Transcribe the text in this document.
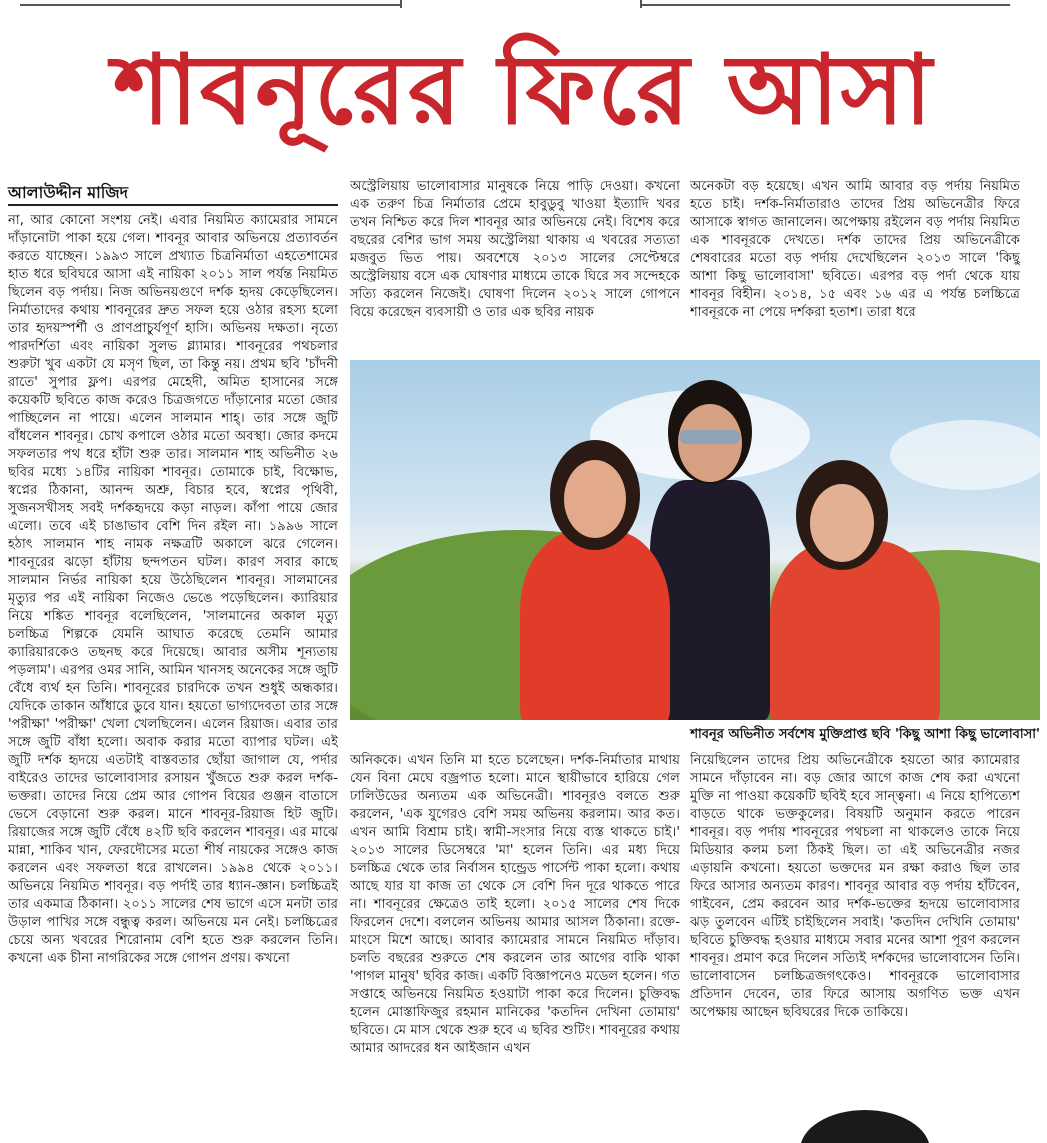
শাবনূরের ফিরে আসা
আলাউদ্দীন মাজিদ

না, আর কোনো সংশয় নেই। এবার নিয়মিত ক্যামেরার সামনে দাঁড়ানোটা পাকা হয়ে গেল। শাবনূর আবার অভিনয়ে প্রত্যাবর্তন করতে যাচ্ছেন। ১৯৯৩ সালে প্রখ্যাত চিত্রনির্মাতা এহতেশামের হাত ধরে ছবিঘরে আসা এই নায়িকা ২০১১ সাল পর্যন্ত নিয়মিত ছিলেন বড় পর্দায়। নিজ অভিনয়গুণে দর্শক হৃদয় কেড়েছিলেন। নির্মাতাদের কথায় শাবনূরের দ্রুত সফল হয়ে ওঠার রহস্য হলো তার হৃদয়স্পর্শী ও প্রাণপ্রাচুর্যপূর্ণ হাসি। অভিনয় দক্ষতা। নৃত্যে পারদর্শিতা এবং নায়িকা সুলভ গ্ল্যামার। শাবনূরের পথচলার শুরুটা খুব একটা যে মসৃণ ছিল, তা কিন্তু নয়। প্রথম ছবি 'চাঁদনী রাতে' সুপার ফ্লপ। এরপর মেহেদী, অমিত হাসানের সঙ্গে কয়েকটি ছবিতে কাজ করেও চিত্রজগতে দাঁড়ানোর মতো জোর পাচ্ছিলেন না পায়ে। এলেন সালমান শাহ্। তার সঙ্গে জুটি বাঁধলেন শাবনূর। চোখ কপালে ওঠার মতো অবস্থা। জোর কদমে সফলতার পথ ধরে হাঁটা শুরু তার। সালমান শাহ অভিনীত ২৬ ছবির মধ্যে ১৪টির নায়িকা শাবনূর। তোমাকে চাই, বিক্ষোভ, স্বপ্নের ঠিকানা, আনন্দ অশ্রু, বিচার হবে, স্বপ্নের পৃথিবী, সুজনসখীসহ সবই দর্শকহৃদয়ে কড়া নাড়ল। কাঁপা পায়ে জোর এলো। তবে এই চাঙাভাব বেশি দিন রইল না। ১৯৯৬ সালে হঠাৎ সালমান শাহ নামক নক্ষত্রটি অকালে ঝরে গেলেন। শাবনূরের ঝড়ো হাঁটায় ছন্দপতন ঘটল। কারণ সবার কাছে সালমান নির্ভর নায়িকা হয়ে উঠেছিলেন শাবনূর। সালমানের মৃত্যুর পর এই নায়িকা নিজেও ভেঙে পড়েছিলেন। ক্যারিয়ার নিয়ে শঙ্কিত শাবনূর বলেছিলেন, 'সালমানের অকাল মৃত্যু চলচ্চিত্র শিল্পকে যেমনি আঘাত করেছে তেমনি আমার ক্যারিয়ারকেও তছনছ করে দিয়েছে। আবার অসীম শূন্যতায় পড়লাম'। এরপর ওমর সানি, আমিন খানসহ অনেকের সঙ্গে জুটি বেঁধে ব্যর্থ হন তিনি। শাবনূরের চারদিকে তখন শুধুই অন্ধকার। যেদিকে তাকান আঁধারে ডুবে যান। হয়তো ভাগ্যদেবতা তার সঙ্গে 'পরীক্ষা' 'পরীক্ষা' খেলা খেলছিলেন। এলেন রিয়াজ। এবার তার সঙ্গে জুটি বাঁধা হলো। অবাক করার মতো ব্যাপার ঘটল। এই জুটি দর্শক হৃদয়ে এতটাই বাস্তবতার ছোঁয়া জাগাল যে, পর্দার বাইরেও তাদের ভালোবাসার রসায়ন খুঁজতে শুরু করল দর্শক-ভক্তরা। তাদের নিয়ে প্রেম আর গোপন বিয়ের গুঞ্জন বাতাসে ভেসে বেড়ানো শুরু করল। মানে শাবনূর-রিয়াজ হিট জুটি। রিয়াজের সঙ্গে জুটি বেঁধে ৪২টি ছবি করলেন শাবনূর। এর মাঝে মান্না, শাকিব খান, ফেরদৌসের মতো শীর্ষ নায়কের সঙ্গেও কাজ করলেন এবং সফলতা ধরে রাখলেন। ১৯৯৪ থেকে ২০১১। অভিনয়ে নিয়মিত শাবনূর। বড় পর্দাই তার ধ্যান-জ্ঞান। চলচ্চিত্রই তার একমাত্র ঠিকানা। ২০১১ সালের শেষ ভাগে এসে মনটা তার উড়াল পাখির সঙ্গে বন্ধুত্ব করল। অভিনয়ে মন নেই। চলচ্চিত্রের চেয়ে অন্য খবরের শিরোনাম বেশি হতে শুরু করলেন তিনি। কখনো এক চীনা নাগরিকের সঙ্গে গোপন প্রণয়। কখনো

অস্ট্রেলিয়ায় ভালোবাসার মানুষকে নিয়ে পাড়ি দেওয়া। কখনো এক তরুণ চিত্র নির্মাতার প্রেমে হাবুডুবু খাওয়া ইত্যাদি খবর তখন নিশ্চিত করে দিল শাবনূর আর অভিনয়ে নেই। বিশেষ করে বছরের বেশির ভাগ সময় অস্ট্রেলিয়া থাকায় এ খবরের সত্যতা মজবুত ভিত পায়। অবশেষে ২০১৩ সালের সেপ্টেম্বরে অস্ট্রেলিয়ায় বসে এক ঘোষণার মাধ্যমে তাকে ঘিরে সব সন্দেহকে সত্যি করলেন নিজেই। ঘোষণা দিলেন ২০১২ সালে গোপনে বিয়ে করেছেন ব্যবসায়ী ও তার এক ছবির নায়ক

অনেকটা বড় হয়েছে। এখন আমি আবার বড় পর্দায় নিয়মিত হতে চাই। দর্শক-নির্মাতারাও তাদের প্রিয় অভিনেত্রীর ফিরে আসাকে স্বাগত জানালেন। অপেক্ষায় রইলেন বড় পর্দায় নিয়মিত এক শাবনূরকে দেখতে। দর্শক তাদের প্রিয় অভিনেত্রীকে শেষবারের মতো বড় পর্দায় দেখেছিলেন ২০১৩ সালে 'কিছু আশা কিছু ভালোবাসা' ছবিতে। এরপর বড় পর্দা থেকে যায় শাবনূর বিহীন। ২০১৪, ১৫ এবং ১৬ এর এ পর্যন্ত চলচ্চিত্রে শাবনূরকে না পেয়ে দর্শকরা হতাশ। তারা ধরে

শাবনূর অভিনীত সর্বশেষ মুক্তিপ্রাপ্ত ছবি 'কিছু আশা কিছু ভালোবাসা'

অনিককে। এখন তিনি মা হতে চলেছেন। দর্শক-নির্মাতার মাথায় যেন বিনা মেঘে বজ্রপাত হলো। মানে স্থায়ীভাবে হারিয়ে গেল ঢালিউডের অন্যতম এক অভিনেত্রী। শাবনূরও বলতে শুরু করলেন, 'এক যুগেরও বেশি সময় অভিনয় করলাম। আর কত। এখন আমি বিশ্রাম চাই। স্বামী-সংসার নিয়ে ব্যস্ত থাকতে চাই।' ২০১৩ সালের ডিসেম্বরে 'মা' হলেন তিনি। এর মধ্য দিয়ে চলচ্চিত্র থেকে তার নির্বাসন হান্ড্রেড পার্সেন্ট পাকা হলো। কথায় আছে যার যা কাজ তা থেকে সে বেশি দিন দূরে থাকতে পারে না। শাবনূরের ক্ষেত্রেও তাই হলো। ২০১৫ সালের শেষ দিকে ফিরলেন দেশে। বললেন অভিনয় আমার আসল ঠিকানা। রক্তে-মাংসে মিশে আছে। আবার ক্যামেরার সামনে নিয়মিত দাঁড়াব। চলতি বছরের শুরুতে শেষ করলেন তার আগের বাকি থাকা 'পাগল মানুষ' ছবির কাজ। একটি বিজ্ঞাপনেও মডেল হলেন। গত সপ্তাহে অভিনয়ে নিয়মিত হওয়াটা পাকা করে দিলেন। চুক্তিবদ্ধ হলেন মোস্তাফিজুর রহমান মানিকের 'কতদিন দেখিনা তোমায়' ছবিতে। মে মাস থেকে শুরু হবে এ ছবির শুটিং। শাবনূরের কথায় আমার আদরের ধন আইজান এখন

নিয়েছিলেন তাদের প্রিয় অভিনেত্রীকে হয়তো আর ক্যামেরার সামনে দাঁড়াবেন না। বড় জোর আগে কাজ শেষ করা এখনো মুক্তি না পাওয়া কয়েকটি ছবিই হবে সান্ত্বনা। এ নিয়ে হাপিত্যেশ বাড়তে থাকে ভক্তকুলের। বিষয়টি অনুমান করতে পারেন শাবনূর। বড় পর্দায় শাবনূরের পথচলা না থাকলেও তাকে নিয়ে মিডিয়ার কলম চলা ঠিকই ছিল। তা এই অভিনেত্রীর নজর এড়ায়নি কখনো। হয়তো ভক্তদের মন রক্ষা করাও ছিল তার ফিরে আসার অন্যতম কারণ। শাবনূর আবার বড় পর্দায় হাঁটবেন, গাইবেন, প্রেম করবেন আর দর্শক-ভক্তের হৃদয়ে ভালোবাসার ঝড় তুলবেন এটিই চাইছিলেন সবাই। 'কতদিন দেখিনি তোমায়' ছবিতে চুক্তিবদ্ধ হওয়ার মাধ্যমে সবার মনের আশা পূরণ করলেন শাবনূর। প্রমাণ করে দিলেন সত্যিই দর্শকদের ভালোবাসেন তিনি। ভালোবাসেন চলচ্চিত্রজগৎকেও। শাবনূরকে ভালোবাসার প্রতিদান দেবেন, তার ফিরে আসায় অগণিত ভক্ত এখন অপেক্ষায় আছেন ছবিঘরের দিকে তাকিয়ে।
